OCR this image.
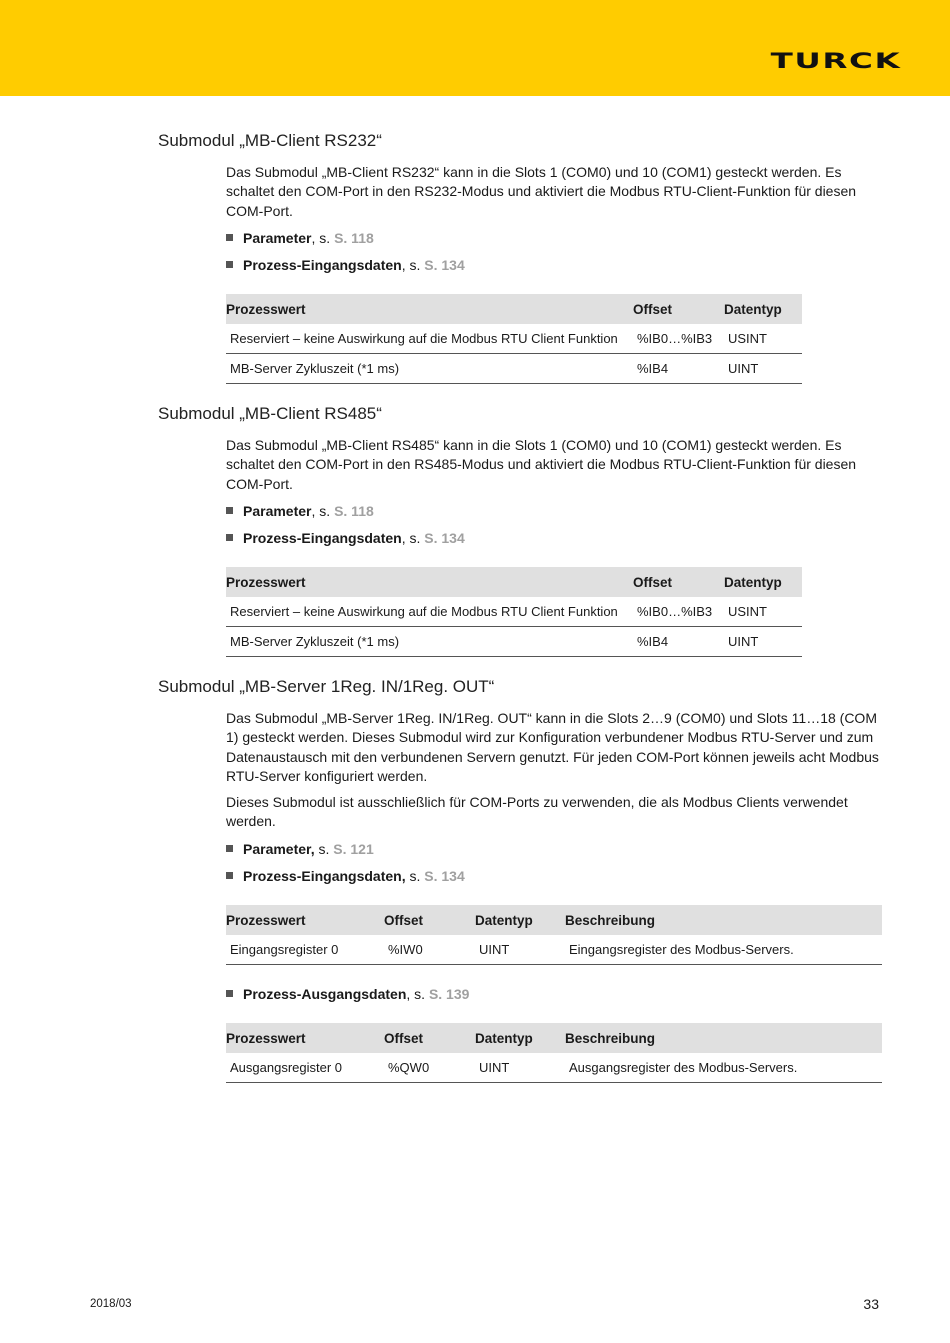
TURCK
Submodul „MB-Client RS232“

Das Submodul „MB-Client RS232“ kann in die Slots 1 (COM0) und 10 (COM1) gesteckt werden. Es schaltet den COM-Port in den RS232-Modus und aktiviert die Modbus RTU-Client-Funktion für diesen COM-Port.

Parameter, s. S. 118
Prozess-Eingangsdaten, s. S. 134
Prozesswert	Offset	Datentyp
Reserviert – keine Auswirkung auf die Modbus RTU Client Funktion	%IB0…%IB3	USINT
MB-Server Zykluszeit (*1 ms)	%IB4	UINT
Submodul „MB-Client RS485“

Das Submodul „MB-Client RS485“ kann in die Slots 1 (COM0) und 10 (COM1) gesteckt werden. Es schaltet den COM-Port in den RS485-Modus und aktiviert die Modbus RTU-Client-Funktion für diesen COM-Port.

Parameter, s. S. 118
Prozess-Eingangsdaten, s. S. 134
Prozesswert	Offset	Datentyp
Reserviert – keine Auswirkung auf die Modbus RTU Client Funktion	%IB0…%IB3	USINT
MB-Server Zykluszeit (*1 ms)	%IB4	UINT
Submodul „MB-Server 1Reg. IN/1Reg. OUT“

Das Submodul „MB-Server 1Reg. IN/1Reg. OUT“ kann in die Slots 2…9 (COM0) und Slots 11…18 (COM 1) gesteckt werden. Dieses Submodul wird zur Konfiguration verbundener Modbus RTU-Server und zum Datenaustausch mit den verbundenen Servern genutzt. Für jeden COM-Port können jeweils acht Modbus RTU-Server konfiguriert werden.

Dieses Submodul ist ausschließlich für COM-Ports zu verwenden, die als Modbus Clients verwendet werden.

Parameter, s. S. 121
Prozess-Eingangsdaten, s. S. 134
Prozesswert	Offset	Datentyp	Beschreibung
Eingangsregister 0	%IW0	UINT	Eingangsregister des Modbus-Servers.
Prozess-Ausgangsdaten, s. S. 139
Prozesswert	Offset	Datentyp	Beschreibung
Ausgangsregister 0	%QW0	UINT	Ausgangsregister des Modbus-Servers.
2018/03	33
